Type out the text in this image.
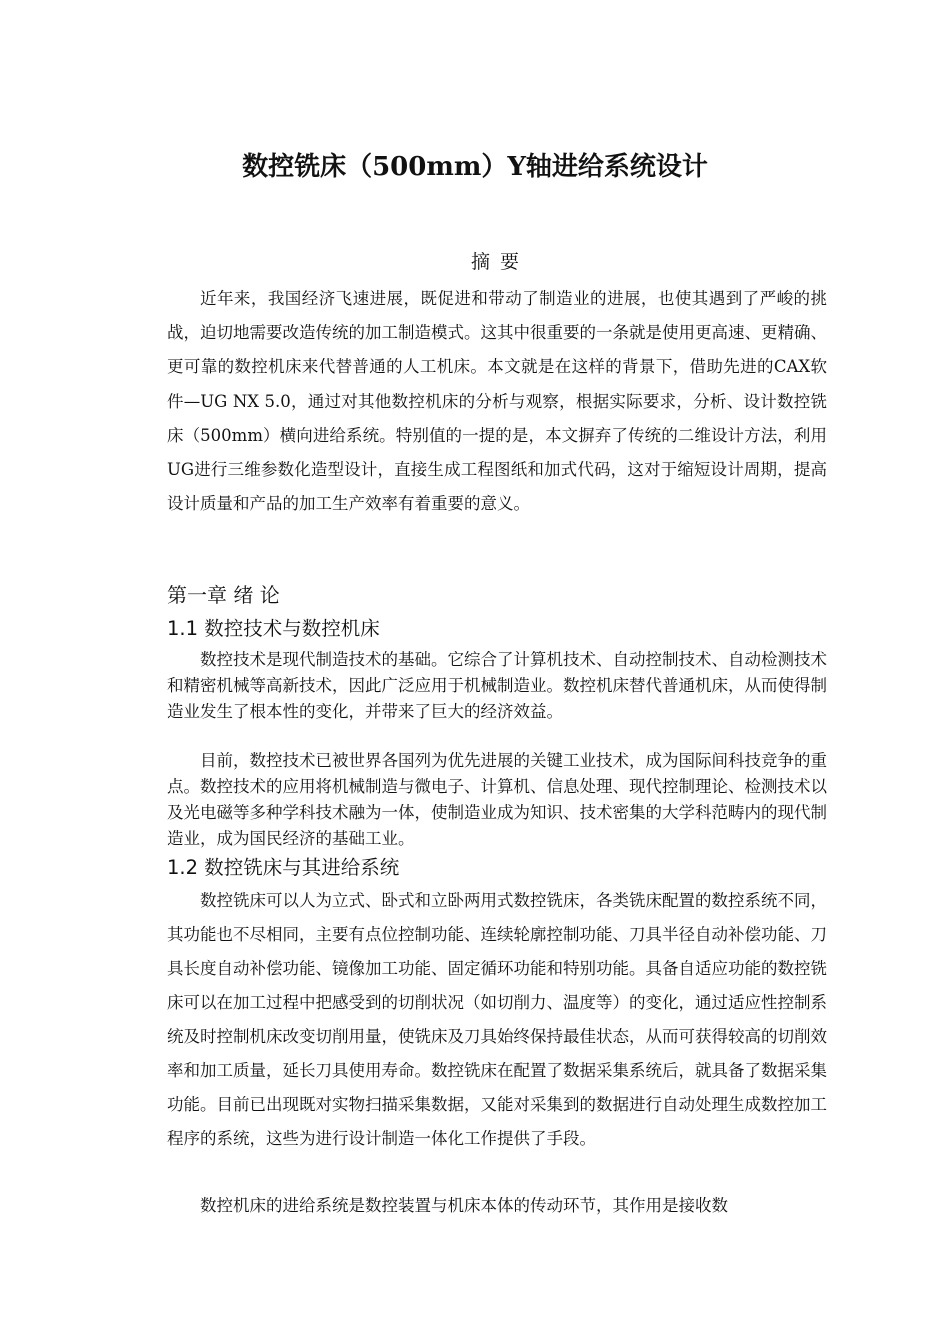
数控铣床（500mm）Y轴进给系统设计
摘要

近年来，我国经济飞速进展，既促进和带动了制造业的进展，也使其遇到了严峻的挑战，迫切地需要改造传统的加工制造模式。这其中很重要的一条就是使用更高速、更精确、更可靠的数控机床来代替普通的人工机床。本文就是在这样的背景下，借助先进的CAX软件—UG NX 5.0，通过对其他数控机床的分析与观察，根据实际要求，分析、设计数控铣床（500mm）横向进给系统。特别值的一提的是，本文摒弃了传统的二维设计方法，利用UG进行三维参数化造型设计，直接生成工程图纸和加式代码，这对于缩短设计周期，提高设计质量和产品的加工生产效率有着重要的意义。

第一章 绪 论
1.1 数控技术与数控机床

数控技术是现代制造技术的基础。它综合了计算机技术、自动控制技术、自动检测技术和精密机械等高新技术，因此广泛应用于机械制造业。数控机床替代普通机床，从而使得制造业发生了根本性的变化，并带来了巨大的经济效益。

目前，数控技术已被世界各国列为优先进展的关键工业技术，成为国际间科技竞争的重点。数控技术的应用将机械制造与微电子、计算机、信息处理、现代控制理论、检测技术以及光电磁等多种学科技术融为一体，使制造业成为知识、技术密集的大学科范畴内的现代制造业，成为国民经济的基础工业。

1.2 数控铣床与其进给系统

数控铣床可以人为立式、卧式和立卧两用式数控铣床，各类铣床配置的数控系统不同，其功能也不尽相同，主要有点位控制功能、连续轮廓控制功能、刀具半径自动补偿功能、刀具长度自动补偿功能、镜像加工功能、固定循环功能和特别功能。具备自适应功能的数控铣床可以在加工过程中把感受到的切削状况（如切削力、温度等）的变化，通过适应性控制系统及时控制机床改变切削用量，使铣床及刀具始终保持最佳状态，从而可获得较高的切削效率和加工质量，延长刀具使用寿命。数控铣床在配置了数据采集系统后，就具备了数据采集功能。目前已出现既对实物扫描采集数据，又能对采集到的数据进行自动处理生成数控加工程序的系统，这些为进行设计制造一体化工作提供了手段。

数控机床的进给系统是数控装置与机床本体的传动环节，其作用是接收数
